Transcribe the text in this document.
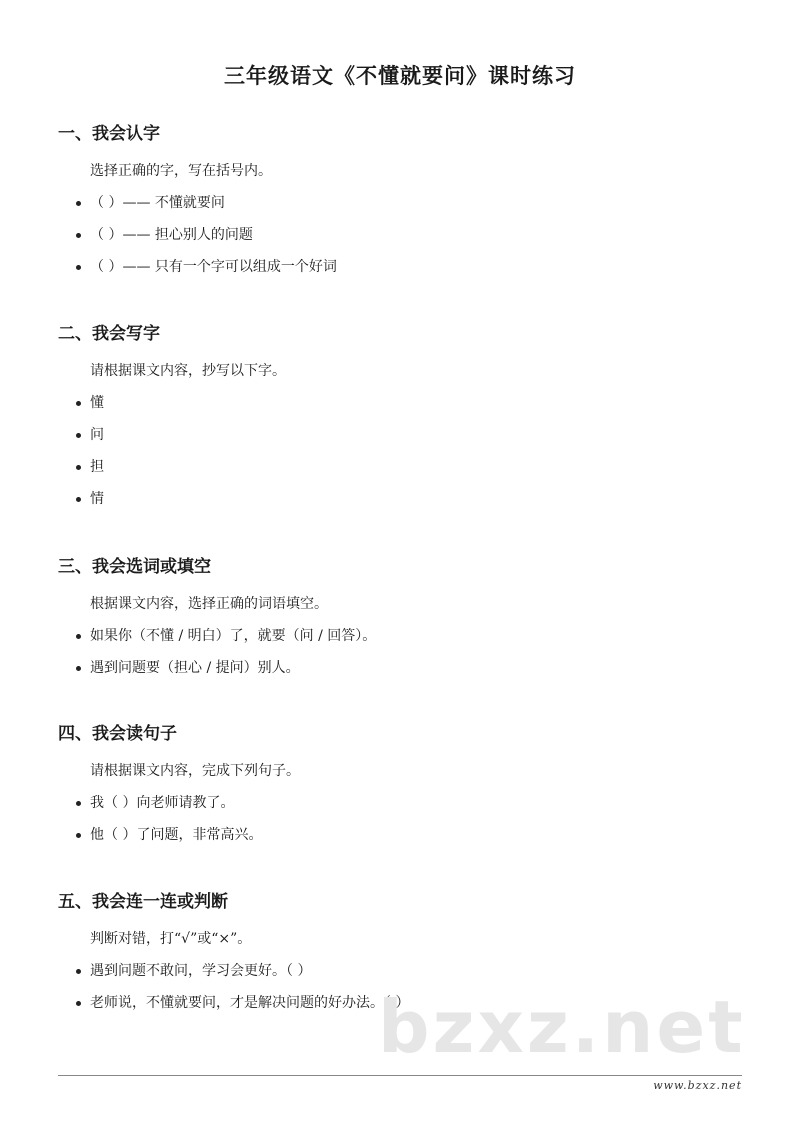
三年级语文《不懂就要问》课时练习
一、我会认字

选择正确的字，写在括号内。

（ ）—— 不懂就要问
（ ）—— 担心别人的问题
（ ）—— 只有一个字可以组成一个好词
二、我会写字

请根据课文内容，抄写以下字。

懂
问
担
情
三、我会选词或填空

根据课文内容，选择正确的词语填空。

如果你（不懂 / 明白）了，就要（问 / 回答）。
遇到问题要（担心 / 提问）别人。
四、我会读句子

请根据课文内容，完成下列句子。

我（ ）向老师请教了。
他（ ）了问题，非常高兴。
五、我会连一连或判断

判断对错，打“√”或“×”。

遇到问题不敢问，学习会更好。（ ）
老师说，不懂就要问，才是解决问题的好办法。（ ）
bzxz.net
www.bzxz.net
